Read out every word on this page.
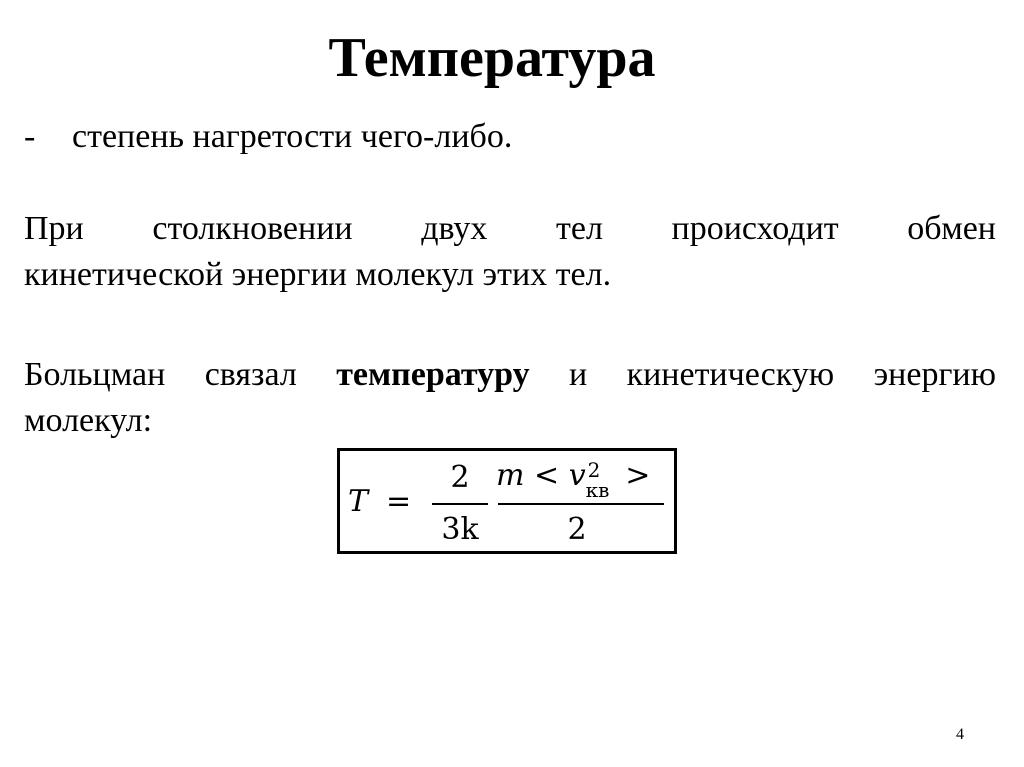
Температура
- степень нагретости чего-либо.
При столкновении двух тел происходит обмен
кинетической энергии молекул этих тел.
Больцман связал температуру и кинетическую энергию
молекул:
T =
2
3k
m < v 2
кв >
2
4
